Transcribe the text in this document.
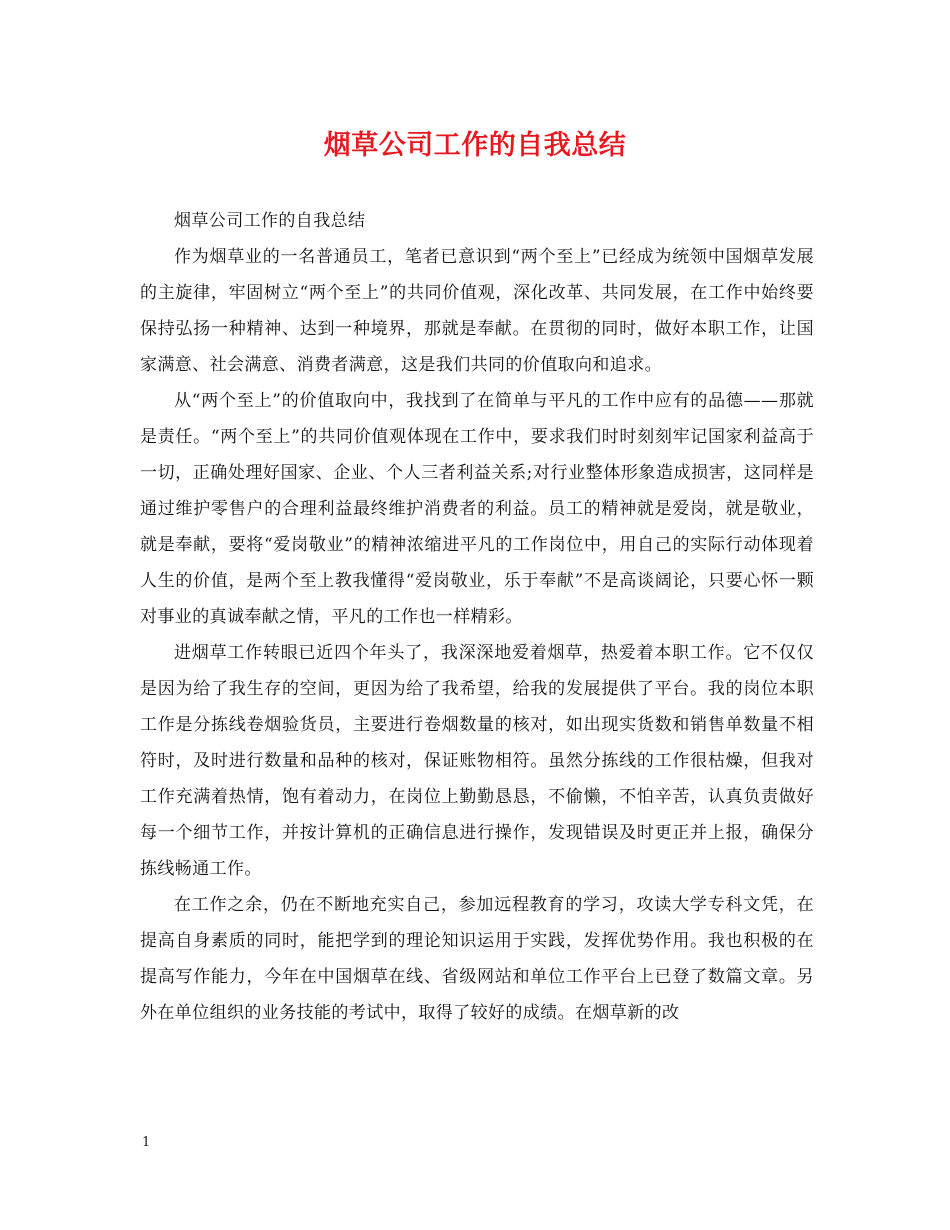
烟草公司工作的自我总结

烟草公司工作的自我总结

作为烟草业的一名普通员工，笔者已意识到“两个至上”已经成为统领中国烟草发展的主旋律，牢固树立“两个至上”的共同价值观，深化改革、共同发展，在工作中始终要保持弘扬一种精神、达到一种境界，那就是奉献。在贯彻的同时，做好本职工作，让国家满意、社会满意、消费者满意，这是我们共同的价值取向和追求。

从“两个至上”的价值取向中，我找到了在简单与平凡的工作中应有的品德——那就是责任。“两个至上”的共同价值观体现在工作中，要求我们时时刻刻牢记国家利益高于一切，正确处理好国家、企业、个人三者利益关系;对行业整体形象造成损害，这同样是通过维护零售户的合理利益最终维护消费者的利益。员工的精神就是爱岗，就是敬业，就是奉献，要将“爱岗敬业”的精神浓缩进平凡的工作岗位中，用自己的实际行动体现着人生的价值，是两个至上教我懂得“爱岗敬业，乐于奉献”不是高谈阔论，只要心怀一颗对事业的真诚奉献之情，平凡的工作也一样精彩。

进烟草工作转眼已近四个年头了，我深深地爱着烟草，热爱着本职工作。它不仅仅是因为给了我生存的空间，更因为给了我希望，给我的发展提供了平台。我的岗位本职工作是分拣线卷烟验货员，主要进行卷烟数量的核对，如出现实货数和销售单数量不相符时，及时进行数量和品种的核对，保证账物相符。虽然分拣线的工作很枯燥，但我对工作充满着热情，饱有着动力，在岗位上勤勤恳恳，不偷懒，不怕辛苦，认真负责做好每一个细节工作，并按计算机的正确信息进行操作，发现错误及时更正并上报，确保分拣线畅通工作。

在工作之余，仍在不断地充实自己，参加远程教育的学习，攻读大学专科文凭，在提高自身素质的同时，能把学到的理论知识运用于实践，发挥优势作用。我也积极的在提高写作能力，今年在中国烟草在线、省级网站和单位工作平台上已登了数篇文章。另外在单位组织的业务技能的考试中，取得了较好的成绩。在烟草新的改

1
